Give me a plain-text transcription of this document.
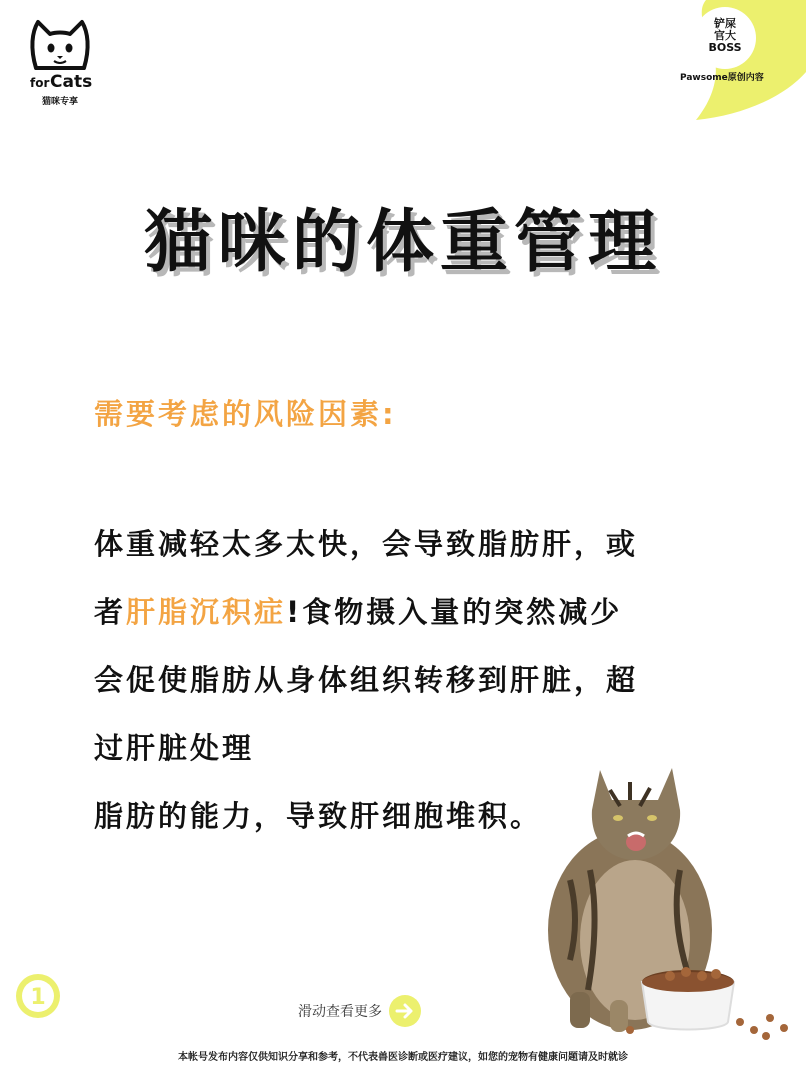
for Cats
猫咪专享
铲屎
官大
BOSS
Pawsome原创内容
猫咪的体重管理
需要考虑的风险因素:
体重减轻太多太快，会导致脂肪肝，或
者肝脂沉积症!食物摄入量的突然减少
会促使脂肪从身体组织转移到肝脏，超
过肝脏处理
脂肪的能力，导致肝细胞堆积。
1
滑动查看更多
本帐号发布内容仅供知识分享和参考，不代表兽医诊断或医疗建议，如您的宠物有健康问题请及时就诊
